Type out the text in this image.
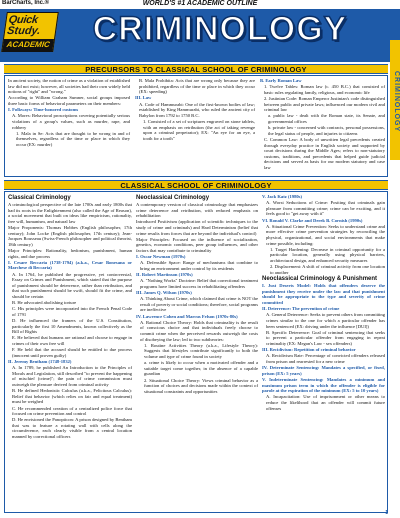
BarCharts, Inc.®	WORLD'S #1 ACADEMIC OUTLINE
Quick
Study.
ACADEMIC	CRIMINOLOGY
CRIMINOLOGY
PRECURSORS TO CLASSICAL SCHOOL OF CRIMINOLOGY

In ancient society, the notion of crime as a violation of established law did not exist; however, all societies had their own widely held notions of "right" and "wrong."

According to William Graham Sumner, social groups imposed three basic forms of behavioral parameters on their members:

I. Folkways: Time-honored customs

A. Mores: Behavioral proscriptions covering potentially serious violations of a group's values, such as murder, rape, and robbery

1. Mala in Se: Acts that are thought to be wrong in and of themselves, regardless of the time or place in which they occur (EX: murder)

B. Mala Prohibita: Acts that are wrong only because they are prohibited, regardless of the time or place in which they occur (EX: speeding)

III. Law

A. Code of Hammurabi: One of the first-known bodies of law; established by King Hammurabi, who ruled the ancient city of Babylon from 1792 to 1750 B.C.

1. Consisted of a set of scriptures engraved on stone tablets, with an emphasis on retribution (the act of taking revenge upon a criminal perpetrator); EX: "An eye for an eye, a tooth for a tooth"

B. Early Roman Law

1. Twelve Tables: Roman law (c. 450 B.C.) that consisted of basic rules regulating family, religious, and economic life

2. Justinian Code: Roman Emperor Justinian's code distinguished between public and private laws; influenced our modern civil and criminal law

a. public law - dealt with the Roman state, its Senate, and governmental offices

b. private law - concerned with contracts, personal possessions, the legal status of people, and injuries to citizens

C. Common Law: A body of unwritten legal precedents created through everyday practice in English society and supported by court decisions during the Middle Ages; refers to non-statutory customs, traditions, and precedents that helped guide judicial decisions and served as basis for our modern statutory and case law

CLASSICAL SCHOOL OF CRIMINOLOGY
Classical Criminology

A criminological perspective of the late 1700s and early 1800s that had its roots in the Enlightenment (also called the Age of Reason), a social movement that built on ideas like empiricism, rationality, free will, humanism, and natural law

Major Proponents: Thomas Hobbes (English philosopher, 17th century); John Locke (English philosopher, 17th century); Jean-Jacques Rousseau (Swiss-French philosopher and political theorist, 18th century)

Major Principles: Rationality, hedonism, punishment, human rights, and due process

I. Cesare Beccaria (1738-1794) (a.k.a., Cesar Bonesana or Marchese di Beccaria)

A. In 1764, he published the progressive, yet controversial, Essay on Crimes and Punishment, which stated that the purpose of punishment should be deterrence, rather than retribution, and that such punishment should be swift, should fit the crime, and should be certain

B. He advocated abolishing torture

C. His principles were incorporated into the French Penal Code of 1791

D. He influenced the framers of the U.S. Constitution, particularly the first 10 Amendments, known collectively as the Bill of Rights

E. He believed that humans are rational and choose to engage in crimes of their own free will

F. He held that the accused should be entitled to due process (innocent until proven guilty)

II. Jeremy Bentham (1748-1832)

A. In 1789, he published An Introduction to the Principles of Morals and Legislation, still described "to prevent the happening of mischief (crime)"; the pain of crime commission must outweigh the pleasure derived from criminal activity

B. He defined Hedonistic Calculus (a.k.a., Felicitous Calculus): Belief that behavior (which relies on fair and equal treatment) must be weighed

C. He recommended creation of a centralized police force that focused on crime prevention and control

D. He envisioned the Panopticon: A prison designed by Bentham that was to feature a rotating wall with cells along the circumference, each clearly visible from a central location manned by correctional officers

Neoclassical Criminology

A contemporary version of classical criminology that emphasizes crime deterrence and retribution, with reduced emphasis on rehabilitation

Introduced Positivism (application of scientific techniques to the study of crime and criminals) and Hard Determinism (belief that crime results from forces that are beyond the individual's control)

Major Principles: Focused on the influence of socialization, genetics, economic conditions, peer group influences, and other factors that may contribute to criminality

I. Oscar Newman (1970s)

A. Defensible Space: Range of mechanisms that combine to bring an environment under control by its residents

II. Robert Martinson (1970s)

A. "Nothing Works" Doctrine: Belief that correctional treatment programs have limited success in rehabilitating offenders

III. James Q. Wilson (1970s)

A. Thinking About Crime, which claimed that crime is NOT the result of poverty or social conditions; therefore, social programs are ineffective

IV. Lawrence Cohen and Marcus Felson (1970s-80s)

A. Rational Choice Theory: Holds that criminality is the result of conscious choice and that individuals freely choose to commit crime when the perceived rewards outweigh the costs of disobeying the law; led to two subtheories:

1. Routine Activities Theory (a.k.a., Lifestyle Theory): Suggests that lifestyles contribute significantly to both the volume and type of crime found in society

a. crime is likely to occur when a motivated offender and a suitable target come together, in the absence of a capable guardian

2. Situational Choice Theory: Views criminal behavior as a function of choices and decisions made within the context of situational constraints and opportunities

V. Jack Katz (1980s)

A. Worst Seductions of Crime: Positing that criminals gain pleasure from committing crime; crime can be exciting, and it feels good to "get away with it"

VI. Ronald V. Clarke and Derek B. Cornish (1990s)

A. Situational Crime Prevention: Seeks to understand crime and more effective crime prevention strategies by reconciling the physical, organizational, and social environments that make crime possible, including:

1. Target Hardening: Decrease in criminal opportunity for a particular location, generally using physical barriers, architectural design, and enhanced security measures

2. Displacement: A shift of criminal activity from one location to another

Neoclassical Criminology & Punishment

I. Just Deserts Model: Holds that offenders deserve the punishment they receive under the law and that punishment should be appropriate to the type and severity of crime committed

II. Deterrence: The prevention of crime

A. General Deterrence: Seeks to prevent others from committing crimes similar to the one for which a particular offender has been sentenced (EX: driving under the influence [DUI])

B. Specific Deterrence: Goal of criminal sentencing that seeks to prevent a particular offender from engaging in repeat criminality (EX: Megan's Law - sex offenders)

III. Recidivism: Repetition of criminal behavior

A. Recidivism Rate: Percentage of convicted offenders released from prison and rearrested for a new crime

IV. Determinate Sentencing: Mandates a specified, or fixed, prison (EX: 5 years)

V. Indeterminate Sentencing: Mandates a minimum and maximum prison term in which the offender is eligible for parole at the expiration of the minimum (EX: 5 to 10 years)

A. Incapacitation: Use of imprisonment or other means to reduce the likelihood that an offender will commit future offenses

1
